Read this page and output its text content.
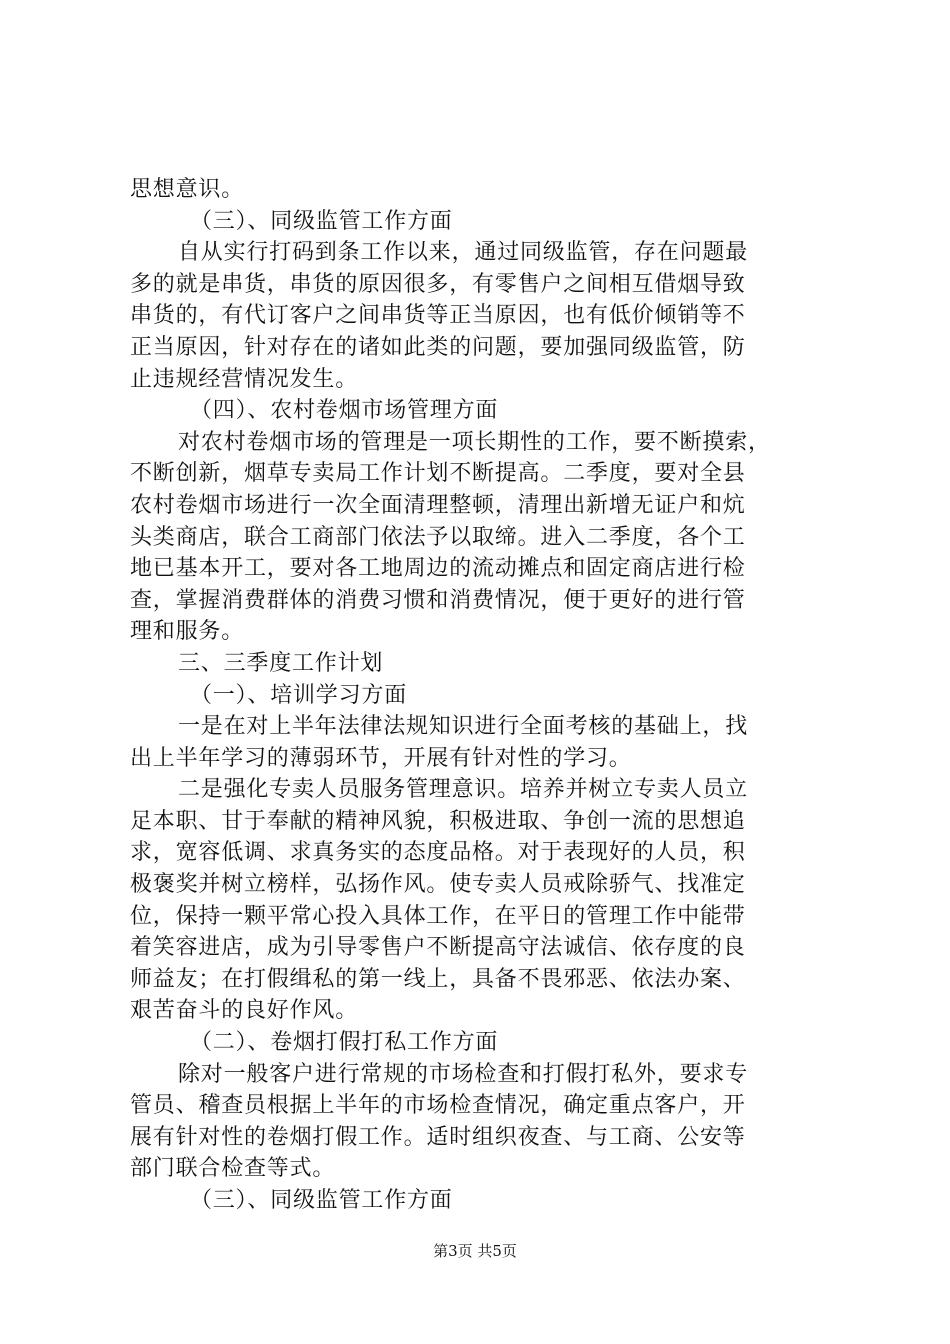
思想意识。
（三）、同级监管工作方面
自从实行打码到条工作以来，通过同级监管，存在问题最
多的就是串货，串货的原因很多，有零售户之间相互借烟导致
串货的，有代订客户之间串货等正当原因，也有低价倾销等不
正当原因，针对存在的诸如此类的问题，要加强同级监管，防
止违规经营情况发生。
（四）、农村卷烟市场管理方面
对农村卷烟市场的管理是一项长期性的工作，要不断摸索，
不断创新，烟草专卖局工作计划不断提高。二季度，要对全县
农村卷烟市场进行一次全面清理整顿，清理出新增无证户和炕
头类商店，联合工商部门依法予以取缔。进入二季度，各个工
地已基本开工，要对各工地周边的流动摊点和固定商店进行检
查，掌握消费群体的消费习惯和消费情况，便于更好的进行管
理和服务。
三、三季度工作计划
（一）、培训学习方面
一是在对上半年法律法规知识进行全面考核的基础上，找
出上半年学习的薄弱环节，开展有针对性的学习。
二是强化专卖人员服务管理意识。培养并树立专卖人员立
足本职、甘于奉献的精神风貌，积极进取、争创一流的思想追
求，宽容低调、求真务实的态度品格。对于表现好的人员，积
极褒奖并树立榜样，弘扬作风。使专卖人员戒除骄气、找准定
位，保持一颗平常心投入具体工作，在平日的管理工作中能带
着笑容进店，成为引导零售户不断提高守法诚信、依存度的良
师益友；在打假缉私的第一线上，具备不畏邪恶、依法办案、
艰苦奋斗的良好作风。
（二）、卷烟打假打私工作方面
除对一般客户进行常规的市场检查和打假打私外，要求专
管员、稽查员根据上半年的市场检查情况，确定重点客户，开
展有针对性的卷烟打假工作。适时组织夜查、与工商、公安等
部门联合检查等式。
（三）、同级监管工作方面
第3页 共5页
